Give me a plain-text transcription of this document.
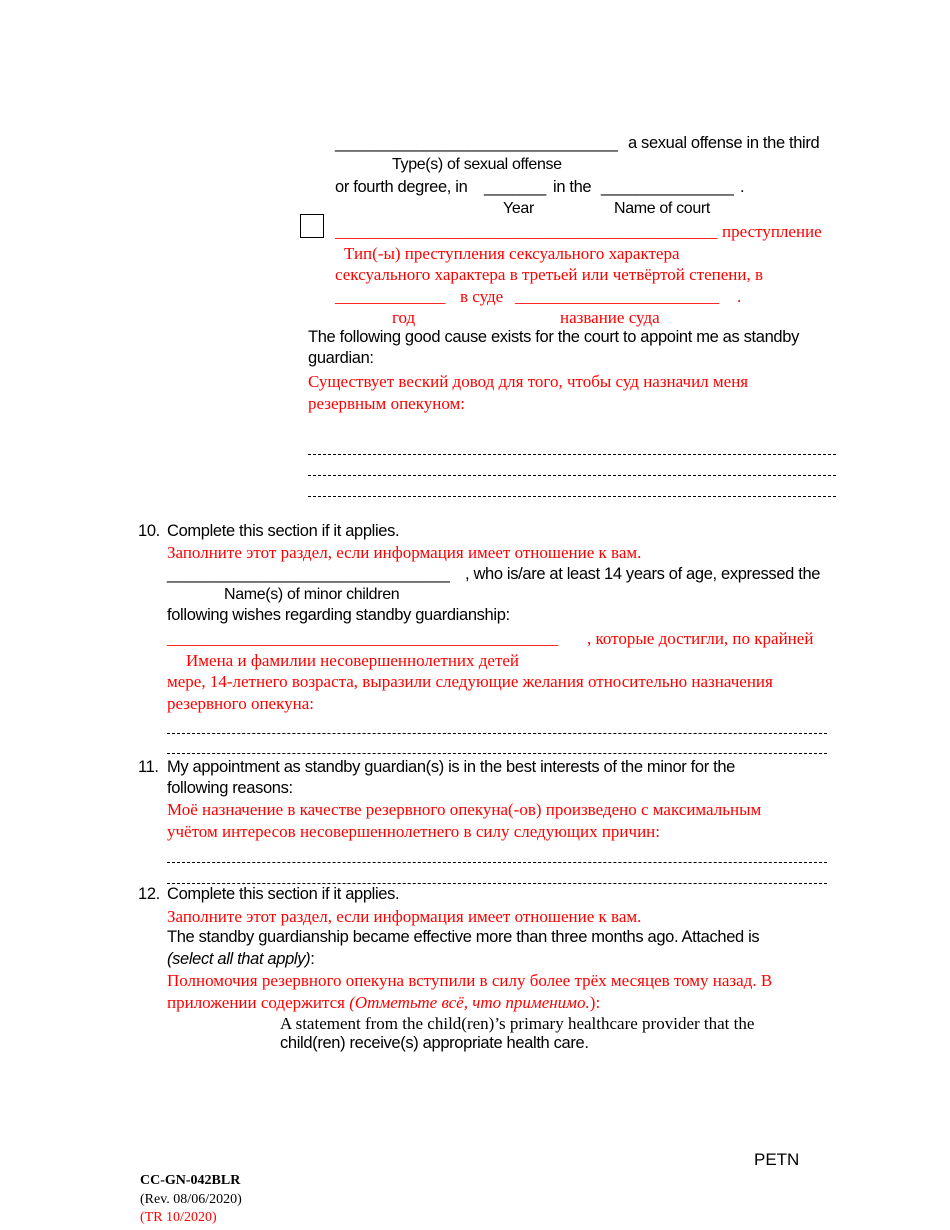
________________________________ a sexual offense in the third
Type(s) of sexual offense
or fourth degree, in _______ in the _______________ .
Year	Name of court
_____________________________________________ преступление
Тип(-ы) преступления сексуального характера
сексуального характера в третьей или четвёртой степени, в
_____________ в суде ________________________ .
год	название суда
The following good cause exists for the court to appoint me as standby
guardian:
Существует веский довод для того, чтобы суд назначил меня
резервным опекуном:
10. Complete this section if it applies.
Заполните этот раздел, если информация имеет отношение к вам.
________________________________ , who is/are at least 14 years of age, expressed the
Name(s) of minor children
following wishes regarding standby guardianship:
______________________________________________ , которые достигли, по крайней
Имена и фамилии несовершеннолетних детей
мере, 14-летнего возраста, выразили следующие желания относительно назначения
резервного опекуна:
11. My appointment as standby guardian(s) is in the best interests of the minor for the
following reasons:
Моё назначение в качестве резервного опекуна(-ов) произведено с максимальным
учётом интересов несовершеннолетнего в силу следующих причин:
12. Complete this section if it applies.
Заполните этот раздел, если информация имеет отношение к вам.
The standby guardianship became effective more than three months ago. Attached is
(select all that apply):
Полномочия резервного опекуна вступили в силу более трёх месяцев тому назад. В
приложении содержится (Отметьте всё, что применимо.):
A statement from the child(ren)’s primary healthcare provider that the
child(ren) receive(s) appropriate health care.

CC-GN-042BLR
(Rev. 08/06/2020)
(TR 10/2020)

PETN
